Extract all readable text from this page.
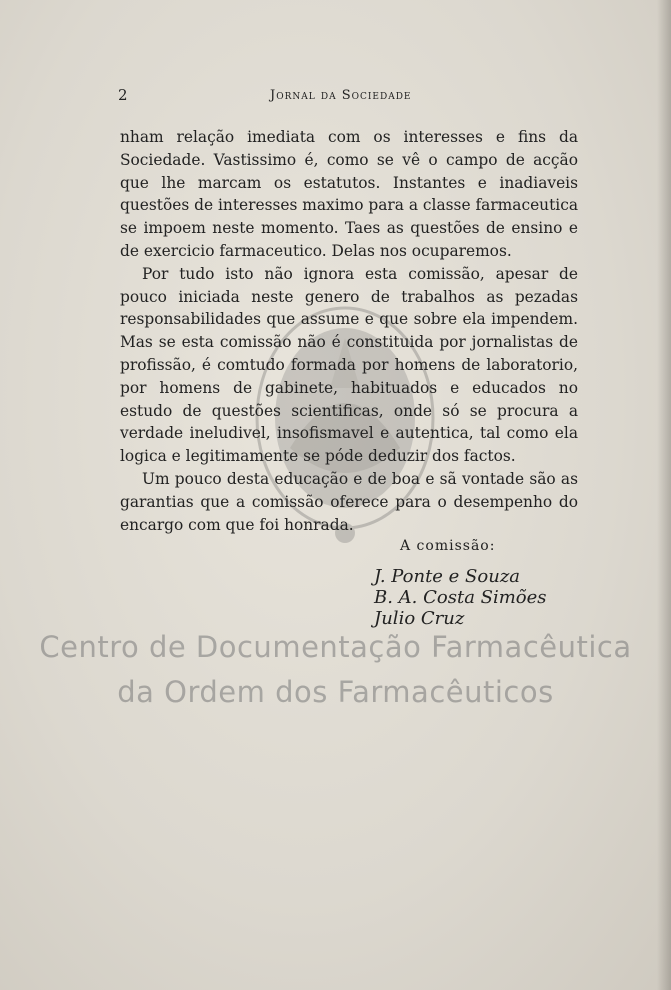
2	Jornal da Sociedade

nham relação imediata com os interesses e fins da Sociedade. Vastissimo é, como se vê o campo de acção que lhe marcam os estatutos. Instantes e inadiaveis questões de interesses maximo para a classe farmaceutica se impoem neste momento. Taes as questões de ensino e de exercicio farmaceutico. Delas nos ocuparemos.

Por tudo isto não ignora esta comissão, apesar de pouco iniciada neste genero de trabalhos as pezadas responsabilidades que assume e que sobre ela impendem. Mas se esta comissão não é constituida por jornalistas de profissão, é comtudo formada por homens de laboratorio, por homens de gabinete, habituados e educados no estudo de questões scientificas, onde só se procura a verdade ineludivel, insofismavel e autentica, tal como ela logica e legitimamente se póde deduzir dos factos.

Um pouco desta educação e de boa e sã vontade são as garantias que a comissão oferece para o desempenho do encargo com que foi honrada.

A comissão:
J. Ponte e Souza
B. A. Costa Simões
Julio Cruz
Centro de Documentação Farmacêutica
da Ordem dos Farmacêuticos
